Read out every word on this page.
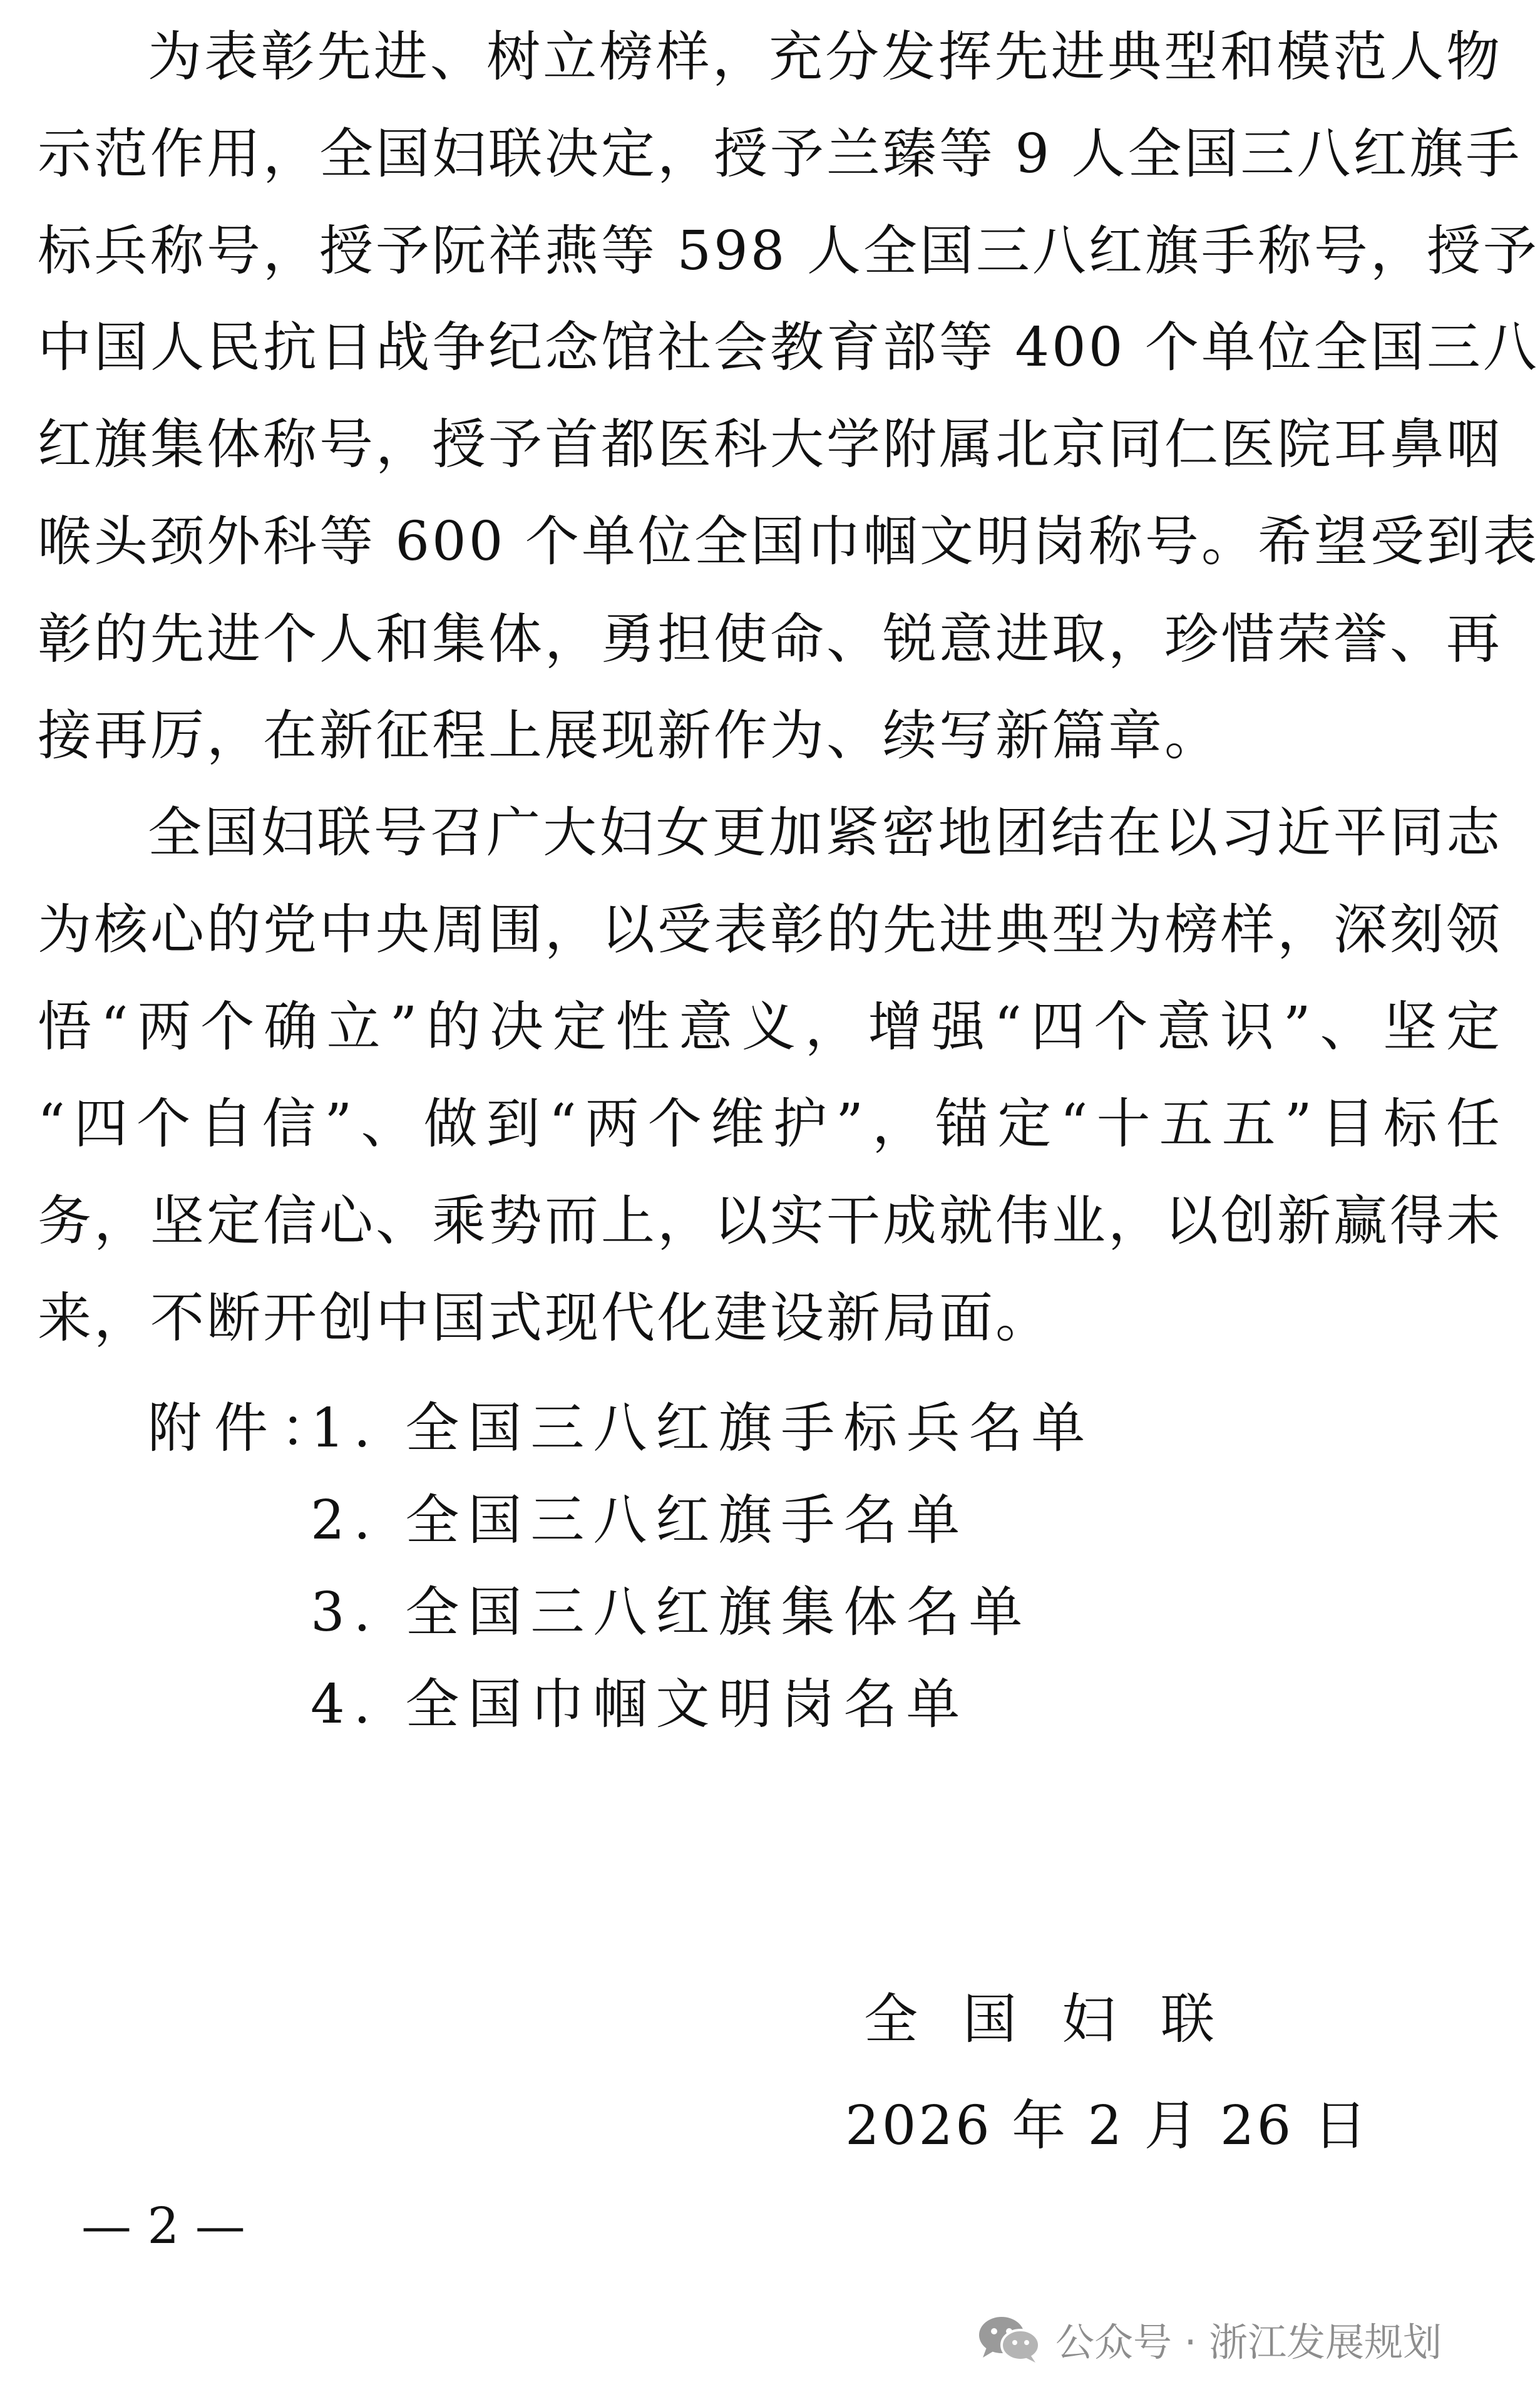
为表彰先进、树立榜样，充分发挥先进典型和模范人物
示范作用，全国妇联决定，授予兰臻等 9 人全国三八红旗手
标兵称号，授予阮祥燕等 598 人全国三八红旗手称号，授予
中国人民抗日战争纪念馆社会教育部等 400 个单位全国三八
红旗集体称号，授予首都医科大学附属北京同仁医院耳鼻咽
喉头颈外科等 600 个单位全国巾帼文明岗称号。希望受到表
彰的先进个人和集体，勇担使命、锐意进取，珍惜荣誉、再
接再厉，在新征程上展现新作为、续写新篇章。
全国妇联号召广大妇女更加紧密地团结在以习近平同志
为核心的党中央周围，以受表彰的先进典型为榜样，深刻领
悟“两个确立”的决定性意义，增强“四个意识”、坚定
“四个自信”、做到“两个维护”，锚定“十五五”目标任
务，坚定信心、乘势而上，以实干成就伟业，以创新赢得未
来，不断开创中国式现代化建设新局面。
附件：
1. 全国三八红旗手标兵名单
2. 全国三八红旗手名单
3. 全国三八红旗集体名单
4. 全国巾帼文明岗名单
全国妇联
2026 年 2 月 26 日
— 2 —
公众号 · 浙江发展规划
